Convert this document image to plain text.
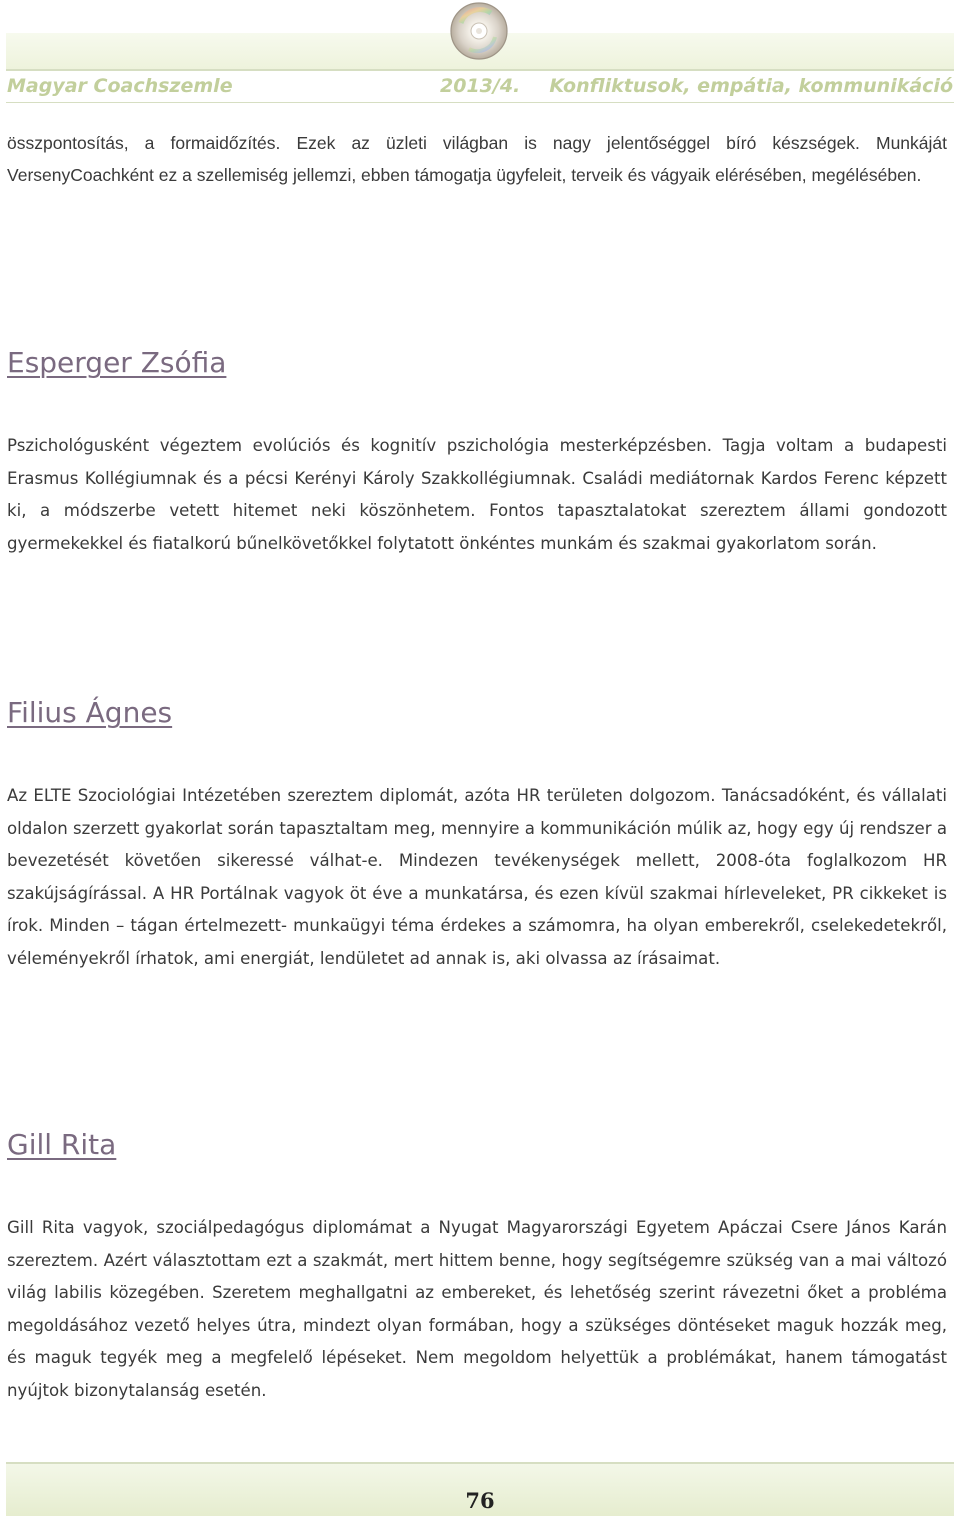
Magyar Coachszemle	2013/4. Konfliktusok, empátia, kommunikáció

összpontosítás, a formaidőzítés. Ezek az üzleti világban is nagy jelentőséggel bíró készségek. Munkáját VersenyCoachként ez a szellemiség jellemzi, ebben támogatja ügyfeleit, terveik és vágyaik elérésében, megélésében.

Esperger Zsófia

Pszichológusként végeztem evolúciós és kognitív pszichológia mesterképzésben. Tagja voltam a budapesti Erasmus Kollégiumnak és a pécsi Kerényi Károly Szakkollégiumnak. Családi mediátornak Kardos Ferenc képzett ki, a módszerbe vetett hitemet neki köszönhetem. Fontos tapasztalatokat szereztem állami gondozott gyermekekkel és fiatalkorú bűnelkövetőkkel folytatott önkéntes munkám és szakmai gyakorlatom során.

Filius Ágnes

Az ELTE Szociológiai Intézetében szereztem diplomát, azóta HR területen dolgozom. Tanácsadóként, és vállalati oldalon szerzett gyakorlat során tapasztaltam meg, mennyire a kommunikáción múlik az, hogy egy új rendszer a bevezetését követően sikeressé válhat-e. Mindezen tevékenységek mellett, 2008-óta foglalkozom HR szakújságírással. A HR Portálnak vagyok öt éve a munkatársa, és ezen kívül szakmai hírleveleket, PR cikkeket is írok. Minden – tágan értelmezett- munkaügyi téma érdekes a számomra, ha olyan emberekről, cselekedetekről, véleményekről írhatok, ami energiát, lendületet ad annak is, aki olvassa az írásaimat.

Gill Rita

Gill Rita vagyok, szociálpedagógus diplomámat a Nyugat Magyarországi Egyetem Apáczai Csere János Karán szereztem. Azért választottam ezt a szakmát, mert hittem benne, hogy segítségemre szükség van a mai változó világ labilis közegében. Szeretem meghallgatni az embereket, és lehetőség szerint rávezetni őket a probléma megoldásához vezető helyes útra, mindezt olyan formában, hogy a szükséges döntéseket maguk hozzák meg, és maguk tegyék meg a megfelelő lépéseket. Nem megoldom helyettük a problémákat, hanem támogatást nyújtok bizonytalanság esetén.

76
